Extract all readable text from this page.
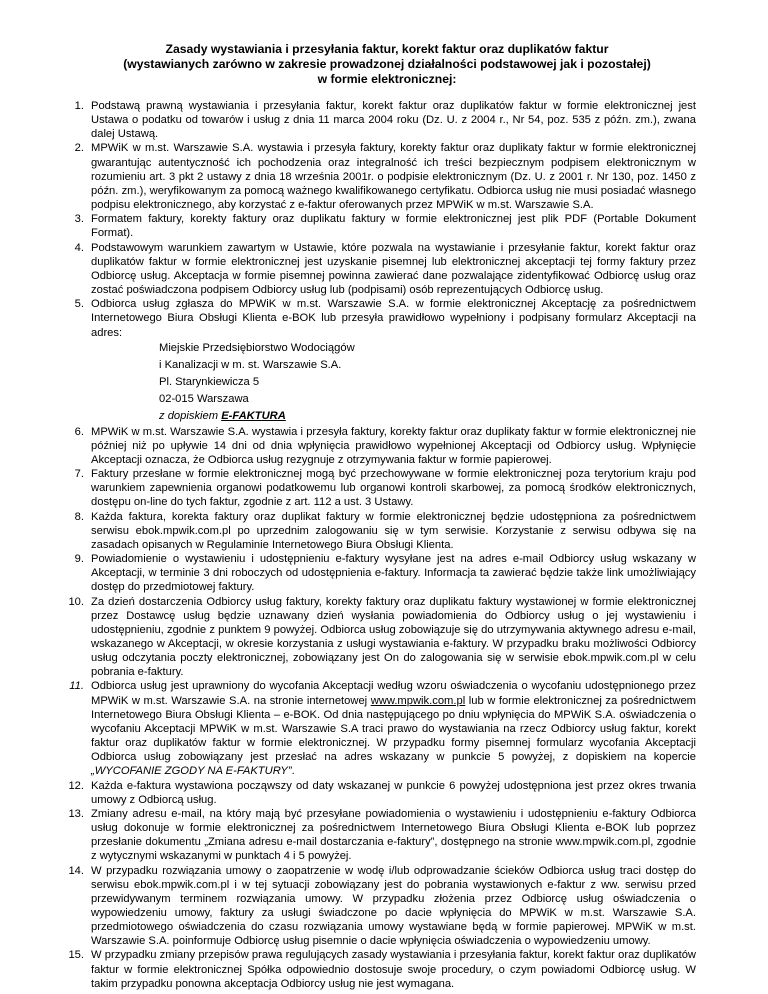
Zasady wystawiania i przesyłania faktur, korekt faktur oraz duplikatów faktur
(wystawianych zarówno w zakresie prowadzonej działalności podstawowej jak i pozostałej)
w formie elektronicznej:
1. Podstawą prawną wystawiania i przesyłania faktur, korekt faktur oraz duplikatów faktur w formie elektronicznej jest Ustawa o podatku od towarów i usług z dnia 11 marca 2004 roku (Dz. U. z 2004 r., Nr 54, poz. 535 z późn. zm.), zwana dalej Ustawą.
2. MPWiK w m.st. Warszawie S.A. wystawia i przesyła faktury, korekty faktur oraz duplikaty faktur w formie elektronicznej gwarantując autentyczność ich pochodzenia oraz integralność ich treści bezpiecznym podpisem elektronicznym w rozumieniu art. 3 pkt 2 ustawy z dnia 18 września 2001r. o podpisie elektronicznym (Dz. U. z 2001 r. Nr 130, poz. 1450 z późn. zm.), weryfikowanym za pomocą ważnego kwalifikowanego certyfikatu. Odbiorca usług nie musi posiadać własnego podpisu elektronicznego, aby korzystać z e-faktur oferowanych przez MPWiK w m.st. Warszawie S.A.
3. Formatem faktury, korekty faktury oraz duplikatu faktury w formie elektronicznej jest plik PDF (Portable Dokument Format).
4. Podstawowym warunkiem zawartym w Ustawie, które pozwala na wystawianie i przesyłanie faktur, korekt faktur oraz duplikatów faktur w formie elektronicznej jest uzyskanie pisemnej lub elektronicznej akceptacji tej formy faktury przez Odbiorcę usług. Akceptacja w formie pisemnej powinna zawierać dane pozwalające zidentyfikować Odbiorcę usług oraz zostać poświadczona podpisem Odbiorcy usług lub (podpisami) osób reprezentujących Odbiorcę usług.
5. Odbiorca usług zgłasza do MPWiK w m.st. Warszawie S.A. w formie elektronicznej Akceptację za pośrednictwem Internetowego Biura Obsługi Klienta e-BOK lub przesyła prawidłowo wypełniony i podpisany formularz Akceptacji na adres:
Miejskie Przedsiębiorstwo Wodociągów
i Kanalizacji w m. st. Warszawie S.A.
Pl. Starynkiewicza 5
02-015 Warszawa
z dopiskiem E-FAKTURA
6. MPWiK w m.st. Warszawie S.A. wystawia i przesyła faktury, korekty faktur oraz duplikaty faktur w formie elektronicznej nie później niż po upływie 14 dni od dnia wpłynięcia prawidłowo wypełnionej Akceptacji od Odbiorcy usług. Wpłynięcie Akceptacji oznacza, że Odbiorca usług rezygnuje z otrzymywania faktur w formie papierowej.
7. Faktury przesłane w formie elektronicznej mogą być przechowywane w formie elektronicznej poza terytorium kraju pod warunkiem zapewnienia organowi podatkowemu lub organowi kontroli skarbowej, za pomocą środków elektronicznych, dostępu on-line do tych faktur, zgodnie z art. 112 a ust. 3 Ustawy.
8. Każda faktura, korekta faktury oraz duplikat faktury w formie elektronicznej będzie udostępniona za pośrednictwem serwisu ebok.mpwik.com.pl po uprzednim zalogowaniu się w tym serwisie. Korzystanie z serwisu odbywa się na zasadach opisanych w Regulaminie Internetowego Biura Obsługi Klienta.
9. Powiadomienie o wystawieniu i udostępnieniu e-faktury wysyłane jest na adres e-mail Odbiorcy usług wskazany w Akceptacji, w terminie 3 dni roboczych od udostępnienia e-faktury. Informacja ta zawierać będzie także link umożliwiający dostęp do przedmiotowej faktury.
10. Za dzień dostarczenia Odbiorcy usług faktury, korekty faktury oraz duplikatu faktury wystawionej w formie elektronicznej przez Dostawcę usług będzie uznawany dzień wysłania powiadomienia do Odbiorcy usług o jej wystawieniu i udostępnieniu, zgodnie z punktem 9 powyżej. Odbiorca usług zobowiązuje się do utrzymywania aktywnego adresu e-mail, wskazanego w Akceptacji, w okresie korzystania z usługi wystawiania e-faktury. W przypadku braku możliwości Odbiorcy usług odczytania poczty elektronicznej, zobowiązany jest On do zalogowania się w serwisie ebok.mpwik.com.pl w celu pobrania e-faktury.
11. Odbiorca usług jest uprawniony do wycofania Akceptacji według wzoru oświadczenia o wycofaniu udostępnionego przez MPWiK w m.st. Warszawie S.A. na stronie internetowej www.mpwik.com.pl lub w formie elektronicznej za pośrednictwem Internetowego Biura Obsługi Klienta – e-BOK. Od dnia następującego po dniu wpłynięcia do MPWiK S.A. oświadczenia o wycofaniu Akceptacji MPWiK w m.st. Warszawie S.A traci prawo do wystawiania na rzecz Odbiorcy usług faktur, korekt faktur oraz duplikatów faktur w formie elektronicznej. W przypadku formy pisemnej formularz wycofania Akceptacji Odbiorca usług zobowiązany jest przesłać na adres wskazany w punkcie 5 powyżej, z dopiskiem na kopercie „WYCOFANIE ZGODY NA E-FAKTURY”.
12. Każda e-faktura wystawiona począwszy od daty wskazanej w punkcie 6 powyżej udostępniona jest przez okres trwania umowy z Odbiorcą usług.
13. Zmiany adresu e-mail, na który mają być przesyłane powiadomienia o wystawieniu i udostępnieniu e-faktury Odbiorca usług dokonuje w formie elektronicznej za pośrednictwem Internetowego Biura Obsługi Klienta e-BOK lub poprzez przesłanie dokumentu „Zmiana adresu e-mail dostarczania e-faktury”, dostępnego na stronie www.mpwik.com.pl, zgodnie z wytycznymi wskazanymi w punktach 4 i 5 powyżej.
14. W przypadku rozwiązania umowy o zaopatrzenie w wodę i/lub odprowadzanie ścieków Odbiorca usług traci dostęp do serwisu ebok.mpwik.com.pl i w tej sytuacji zobowiązany jest do pobrania wystawionych e-faktur z ww. serwisu przed przewidywanym terminem rozwiązania umowy. W przypadku złożenia przez Odbiorcę usług oświadczenia o wypowiedzeniu umowy, faktury za usługi świadczone po dacie wpłynięcia do MPWiK w m.st. Warszawie S.A. przedmiotowego oświadczenia do czasu rozwiązania umowy wystawiane będą w formie papierowej. MPWiK w m.st. Warszawie S.A. poinformuje Odbiorcę usług pisemnie o dacie wpłynięcia oświadczenia o wypowiedzeniu umowy.
15. W przypadku zmiany przepisów prawa regulujących zasady wystawiania i przesyłania faktur, korekt faktur oraz duplikatów faktur w formie elektronicznej Spółka odpowiednio dostosuje swoje procedury, o czym powiadomi Odbiorcę usług. W takim przypadku ponowna akceptacja Odbiorcy usług nie jest wymagana.
